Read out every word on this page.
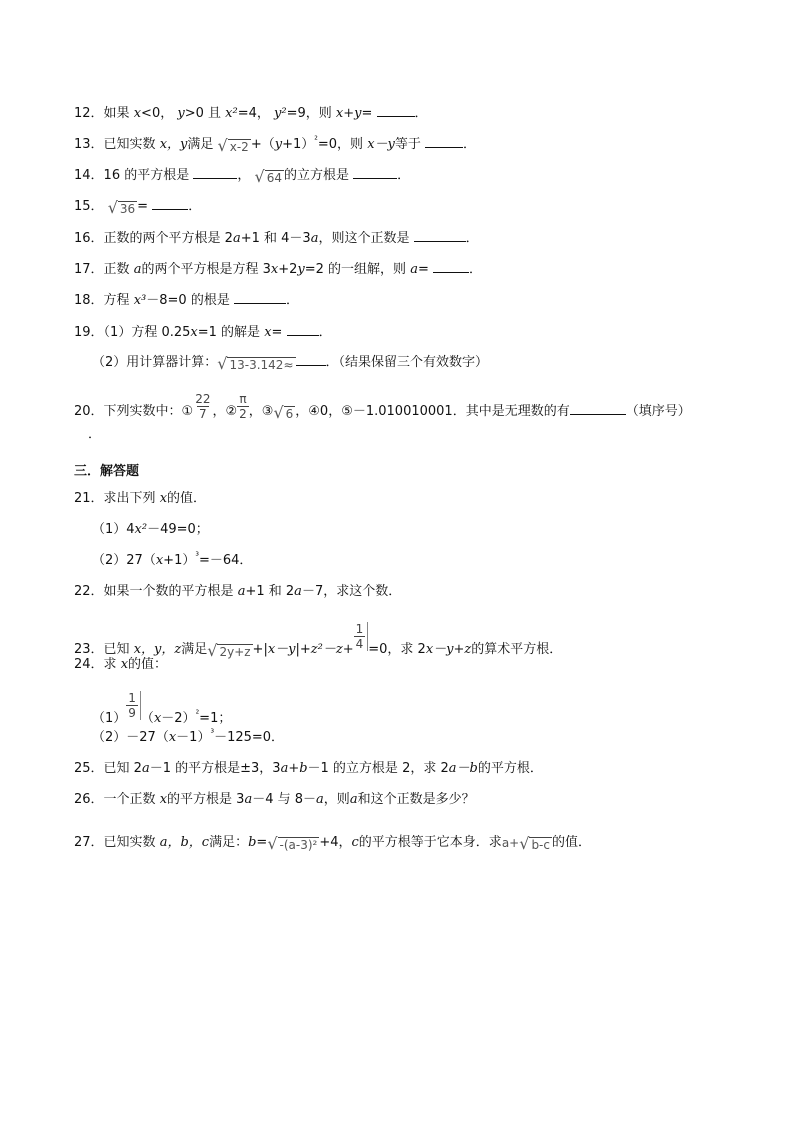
12．如果 x<0， y>0 且 x²=4， y²=9，则 x+y=	．
13．已知实数 x，y满足 √ $x-2 +(y+1)^{^2}=0$，则 x－y等于	．
14．16 的平方根是	， √ 64 的立方根是	．
15． √ 36 =	．
16．正数的两个平方根是 2a+1 和 4－3a，则这个正数是	．
17．正数 a的两个平方根是方程 3x+2y=2 的一组解，则 a=	．
18．方程 x³－8=0 的根是	．
19．（1）方程 0.25x=1 的解是 x=	．
（2）用计算器计算： √ 13-3.142≈ ．（结果保留三个有效数字）
20．下列实数中：① $\frac{22}{7}$ ，② $\frac{\pi}{2}$ ，③ √ 6 ，④0，⑤－1.010010001．其中是无理数的有	（填序号）
．
三．解答题
21．求出下列 x的值．
（1）4x²－49=0；
$(2)27(x+1)^{^3}=-64$．
22．如果一个数的平方根是 a+1 和 2a－7，求这个数．
23．已知 x，y，z满足 √ $2y+z +|x-y|+z^2-z+ \frac{1}{4} =0$，求 2x－y+z的算术平方根．
24．求 x的值：
$(1) \frac{1}{9} (x-2)^{^2}=1$；
$(2)-27(x-1)^{^3}-125=0$．
25．已知 2a－1 的平方根是±3，3a+b－1 的立方根是 2，求 2a－b的平方根．
26．一个正数 x的平方根是 3a－4 与 8－a，则a和这个正数是多少？
27．已知实数 a，b，c满足：b= √ -(a-3)² +4，c的平方根等于它本身．求a+ √ b-c 的值．
